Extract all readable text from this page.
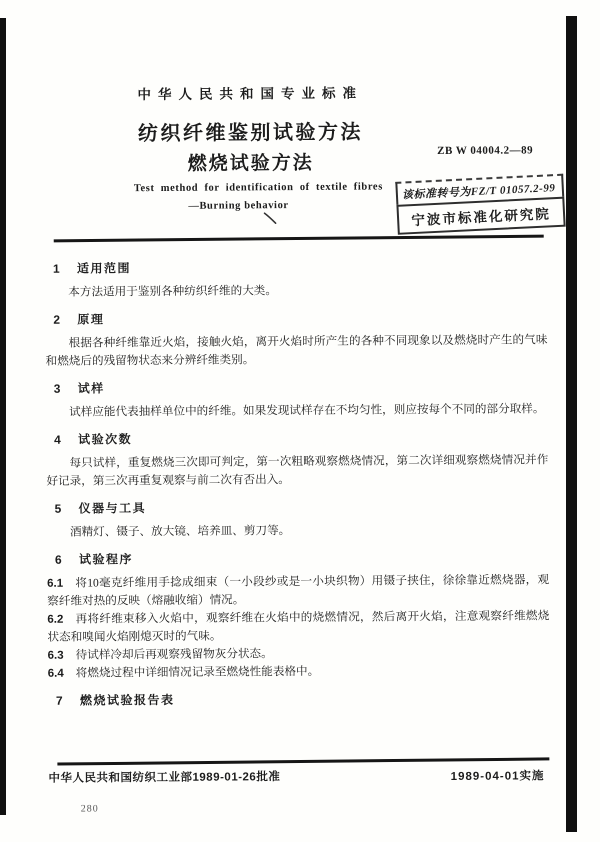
中华人民共和国专业标准
纺织纤维鉴别试验方法
燃烧试验方法
ZB W 04004.2—89
Test method for identification of textile fibres
—Burning behavior
该标准转号为FZ/T 01057.2-99
宁波市标准化研究院
1 适用范围

本方法适用于鉴别各种纺织纤维的大类。

2 原理

根据各种纤维靠近火焰，接触火焰，离开火焰时所产生的各种不同现象以及燃烧时产生的气味和燃烧后的残留物状态来分辨纤维类别。

3 试样

试样应能代表抽样单位中的纤维。如果发现试样存在不均匀性，则应按每个不同的部分取样。

4 试验次数

每只试样，重复燃烧三次即可判定，第一次粗略观察燃烧情况，第二次详细观察燃烧情况并作好记录，第三次再重复观察与前二次有否出入。

5 仪器与工具

酒精灯、镊子、放大镜、培养皿、剪刀等。

6 试验程序

6.1 将10毫克纤维用手捻成细束（一小段纱或是一小块织物）用镊子挟住，徐徐靠近燃烧器，观察纤维对热的反映（熔融收缩）情况。

6.2 再将纤维束移入火焰中，观察纤维在火焰中的烧燃情况，然后离开火焰，注意观察纤维燃烧状态和嗅闻火焰刚熄灭时的气味。

6.3 待试样冷却后再观察残留物灰分状态。

6.4 将燃烧过程中详细情况记录至燃烧性能表格中。

7 燃烧试验报告表
中华人民共和国纺织工业部1989-01-26批准	1989-04-01实施
280
